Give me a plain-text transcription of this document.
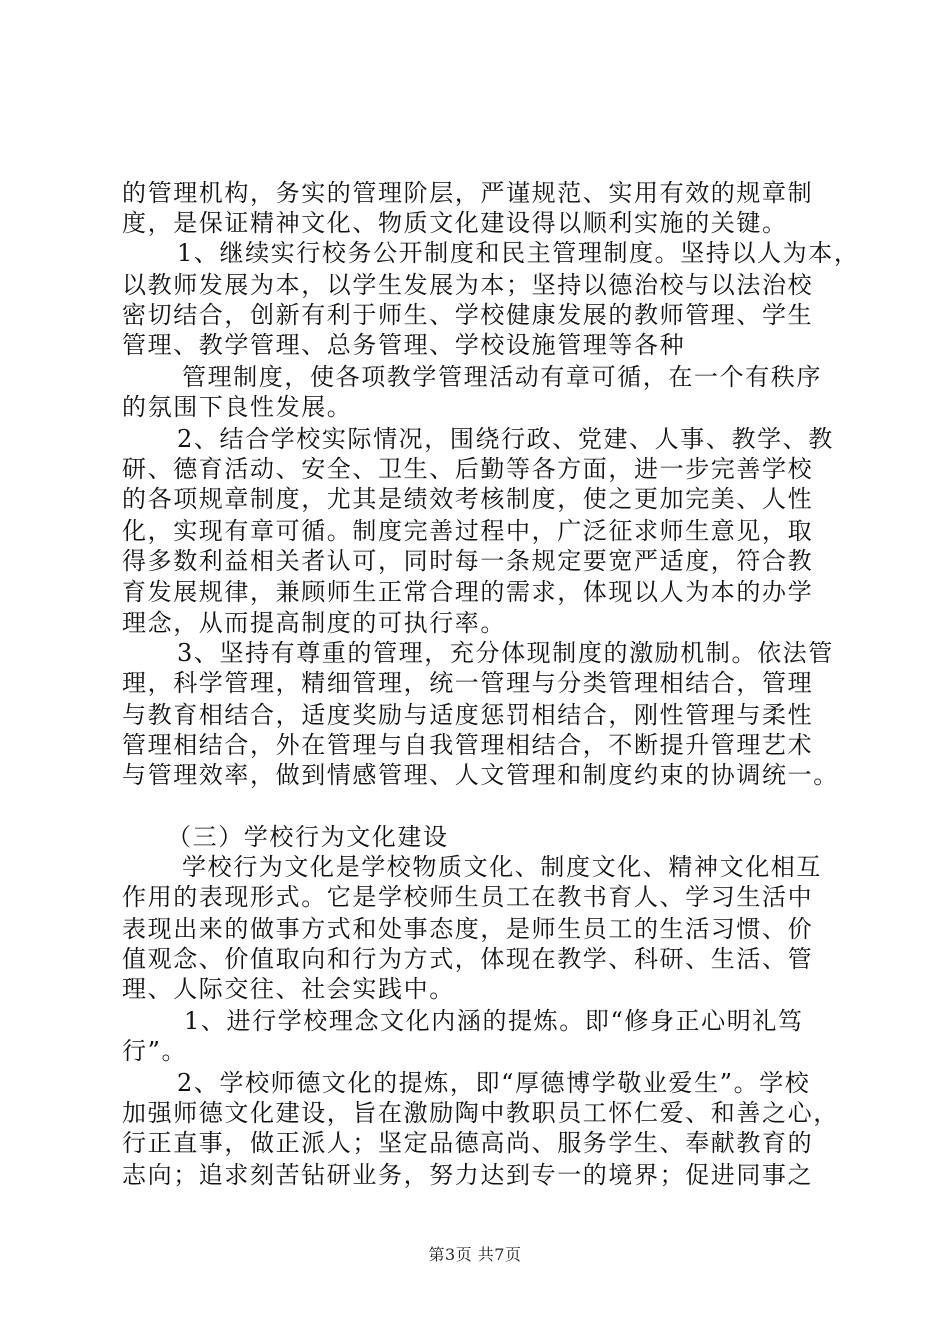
的管理机构，务实的管理阶层，严谨规范、实用有效的规章制
度，是保证精神文化、物质文化建设得以顺利实施的关键。
1、继续实行校务公开制度和民主管理制度。坚持以人为本，
以教师发展为本，以学生发展为本；坚持以德治校与以法治校
密切结合，创新有利于师生、学校健康发展的教师管理、学生
管理、教学管理、总务管理、学校设施管理等各种
管理制度，使各项教学管理活动有章可循，在一个有秩序
的氛围下良性发展。
2、结合学校实际情况，围绕行政、党建、人事、教学、教
研、德育活动、安全、卫生、后勤等各方面，进一步完善学校
的各项规章制度，尤其是绩效考核制度，使之更加完美、人性
化，实现有章可循。制度完善过程中，广泛征求师生意见，取
得多数利益相关者认可，同时每一条规定要宽严适度，符合教
育发展规律，兼顾师生正常合理的需求，体现以人为本的办学
理念，从而提高制度的可执行率。
3、坚持有尊重的管理，充分体现制度的激励机制。依法管
理，科学管理，精细管理，统一管理与分类管理相结合，管理
与教育相结合，适度奖励与适度惩罚相结合，刚性管理与柔性
管理相结合，外在管理与自我管理相结合，不断提升管理艺术
与管理效率，做到情感管理、人文管理和制度约束的协调统一。
（三）学校行为文化建设
学校行为文化是学校物质文化、制度文化、精神文化相互
作用的表现形式。它是学校师生员工在教书育人、学习生活中
表现出来的做事方式和处事态度，是师生员工的生活习惯、价
值观念、价值取向和行为方式，体现在教学、科研、生活、管
理、人际交往、社会实践中。
1、进行学校理念文化内涵的提炼。即“修身正心明礼笃
行”。
2、学校师德文化的提炼，即“厚德博学敬业爱生”。学校
加强师德文化建设，旨在激励陶中教职员工怀仁爱、和善之心，
行正直事，做正派人；坚定品德高尚、服务学生、奉献教育的
志向；追求刻苦钻研业务，努力达到专一的境界；促进同事之
第3页 共7页
